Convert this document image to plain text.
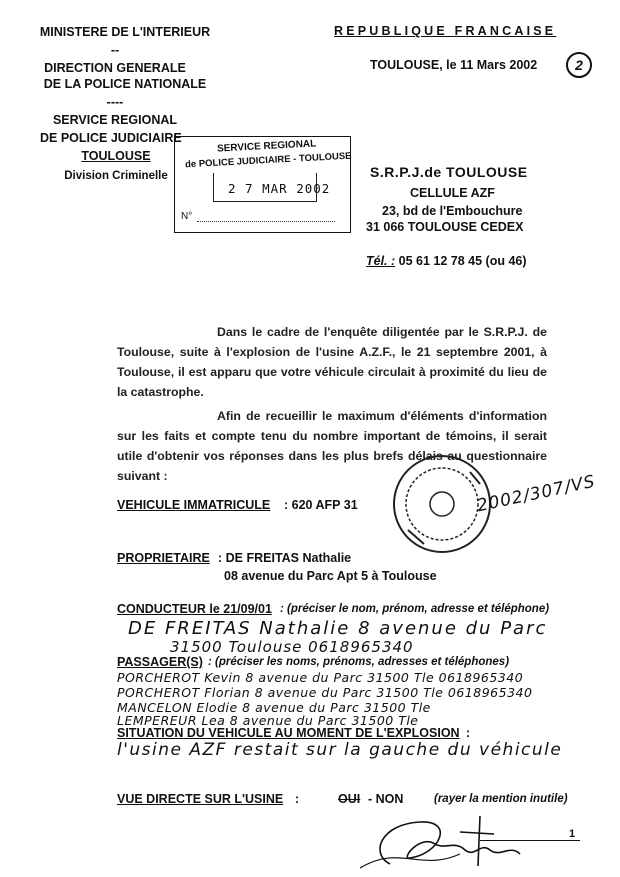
MINISTERE DE L'INTERIEUR
--
DIRECTION GENERALE
DE LA POLICE NATIONALE
----
SERVICE REGIONAL
DE POLICE JUDICIAIRE
TOULOUSE
Division Criminelle
REPUBLIQUE FRANCAISE
TOULOUSE, le 11 Mars 2002	2
SERVICE REGIONAL
de POLICE JUDICIAIRE - TOULOUSE
2 7 MAR 2002
N°
S.R.P.J.de TOULOUSE
CELLULE AZF
23, bd de l'Embouchure
31 066 TOULOUSE CEDEX
Tél. : 05 61 12 78 45 (ou 46)
Dans le cadre de l'enquête diligentée par le S.R.P.J. de Toulouse, suite à l'explosion de l'usine A.Z.F., le 21 septembre 2001, à Toulouse, il est apparu que votre véhicule circulait à proximité du lieu de la catastrophe.
Afin de recueillir le maximum d'éléments d'information sur les faits et compte tenu du nombre important de témoins, il serait utile d'obtenir vos réponses dans les plus brefs délais au questionnaire suivant :
VEHICULE IMMATRICULE : 620 AFP 31	2002/307/VS
PROPRIETAIRE : DE FREITAS Nathalie
08 avenue du Parc Apt 5 à Toulouse
CONDUCTEUR le 21/09/01 : (préciser le nom, prénom, adresse et téléphone)
DE FREITAS Nathalie 8 avenue du Parc
31500 Toulouse 0618965340
PASSAGER(S) : (préciser les noms, prénoms, adresses et téléphones)
PORCHEROT Kevin 8 avenue du Parc 31500 Tle 0618965340
PORCHEROT Florian 8 avenue du Parc 31500 Tle 0618965340
MANCELON Elodie 8 avenue du Parc 31500 Tle
LEMPEREUR Lea 8 avenue du Parc 31500 Tle
SITUATION DU VEHICULE AU MOMENT DE L'EXPLOSION :
l'usine AZF restait sur la gauche du véhicule
VUE DIRECTE SUR L'USINE :	OUI - NON	(rayer la mention inutile)
1
